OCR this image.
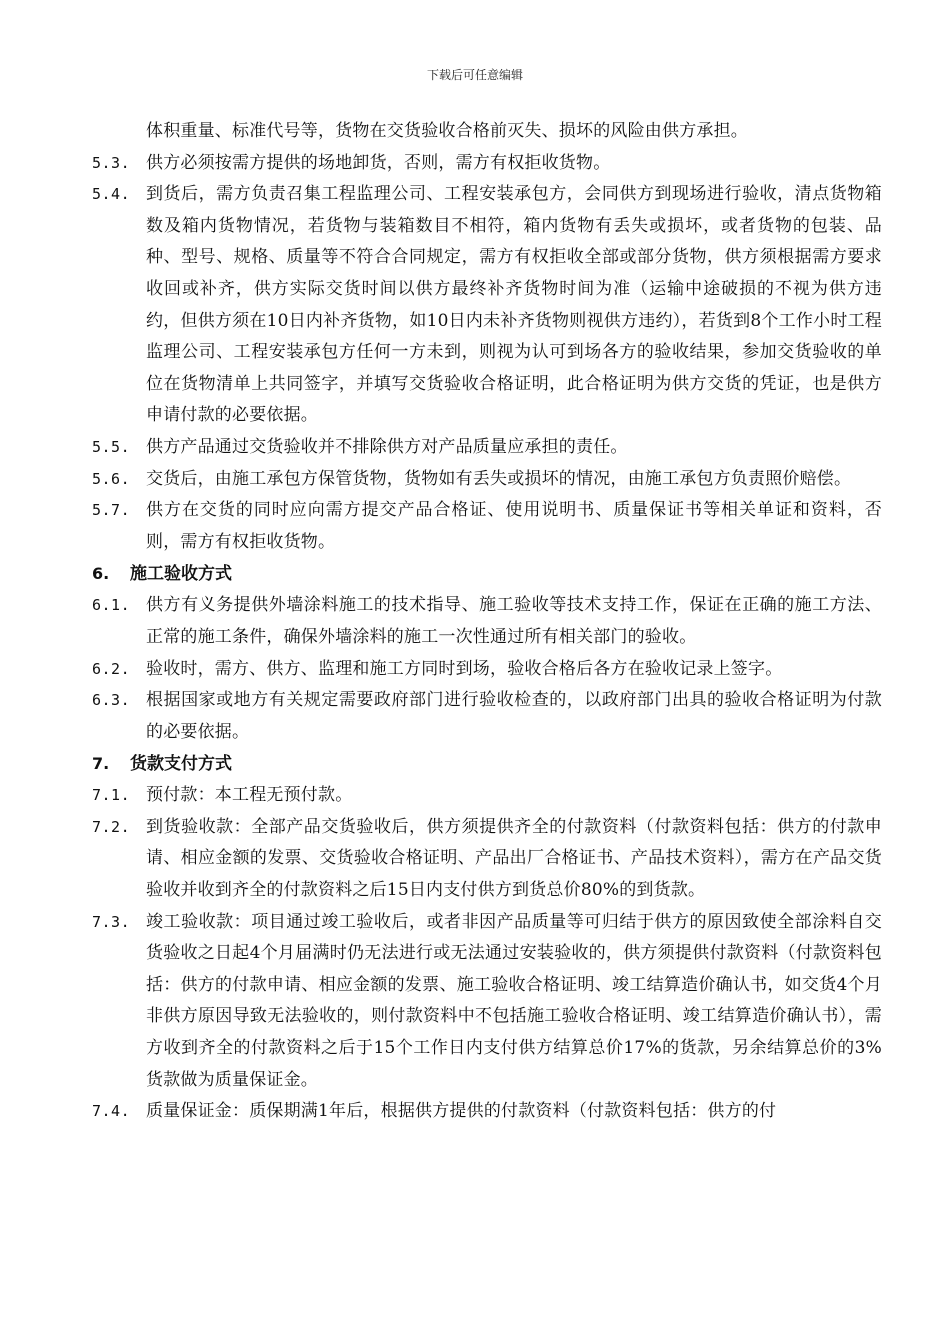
下载后可任意编辑
体积重量、标准代号等，货物在交货验收合格前灭失、损坏的风险由供方承担。
5.3. 供方必须按需方提供的场地卸货，否则，需方有权拒收货物。
5.4. 到货后，需方负责召集工程监理公司、工程安装承包方，会同供方到现场进行验收，清点货物箱数及箱内货物情况，若货物与装箱数目不相符，箱内货物有丢失或损坏，或者货物的包装、品种、型号、规格、质量等不符合合同规定，需方有权拒收全部或部分货物，供方须根据需方要求收回或补齐，供方实际交货时间以供方最终补齐货物时间为准（运输中途破损的不视为供方违约，但供方须在10日内补齐货物，如10日内未补齐货物则视供方违约），若货到8个工作小时工程监理公司、工程安装承包方任何一方未到，则视为认可到场各方的验收结果，参加交货验收的单位在货物清单上共同签字，并填写交货验收合格证明，此合格证明为供方交货的凭证，也是供方申请付款的必要依据。
5.5. 供方产品通过交货验收并不排除供方对产品质量应承担的责任。
5.6. 交货后，由施工承包方保管货物，货物如有丢失或损坏的情况，由施工承包方负责照价赔偿。
5.7. 供方在交货的同时应向需方提交产品合格证、使用说明书、质量保证书等相关单证和资料，否则，需方有权拒收货物。
6. 施工验收方式
6.1. 供方有义务提供外墙涂料施工的技术指导、施工验收等技术支持工作，保证在正确的施工方法、正常的施工条件，确保外墙涂料的施工一次性通过所有相关部门的验收。
6.2. 验收时，需方、供方、监理和施工方同时到场，验收合格后各方在验收记录上签字。
6.3. 根据国家或地方有关规定需要政府部门进行验收检查的，以政府部门出具的验收合格证明为付款的必要依据。
7. 货款支付方式
7.1. 预付款：本工程无预付款。
7.2. 到货验收款：全部产品交货验收后，供方须提供齐全的付款资料（付款资料包括：供方的付款申请、相应金额的发票、交货验收合格证明、产品出厂合格证书、产品技术资料），需方在产品交货验收并收到齐全的付款资料之后15日内支付供方到货总价80%的到货款。
7.3. 竣工验收款：项目通过竣工验收后，或者非因产品质量等可归结于供方的原因致使全部涂料自交货验收之日起4个月届满时仍无法进行或无法通过安装验收的，供方须提供付款资料（付款资料包括：供方的付款申请、相应金额的发票、施工验收合格证明、竣工结算造价确认书，如交货4个月非供方原因导致无法验收的，则付款资料中不包括施工验收合格证明、竣工结算造价确认书），需方收到齐全的付款资料之后于15个工作日内支付供方结算总价17%的货款，另余结算总价的3%货款做为质量保证金。
7.4. 质量保证金：质保期满1年后，根据供方提供的付款资料（付款资料包括：供方的付
